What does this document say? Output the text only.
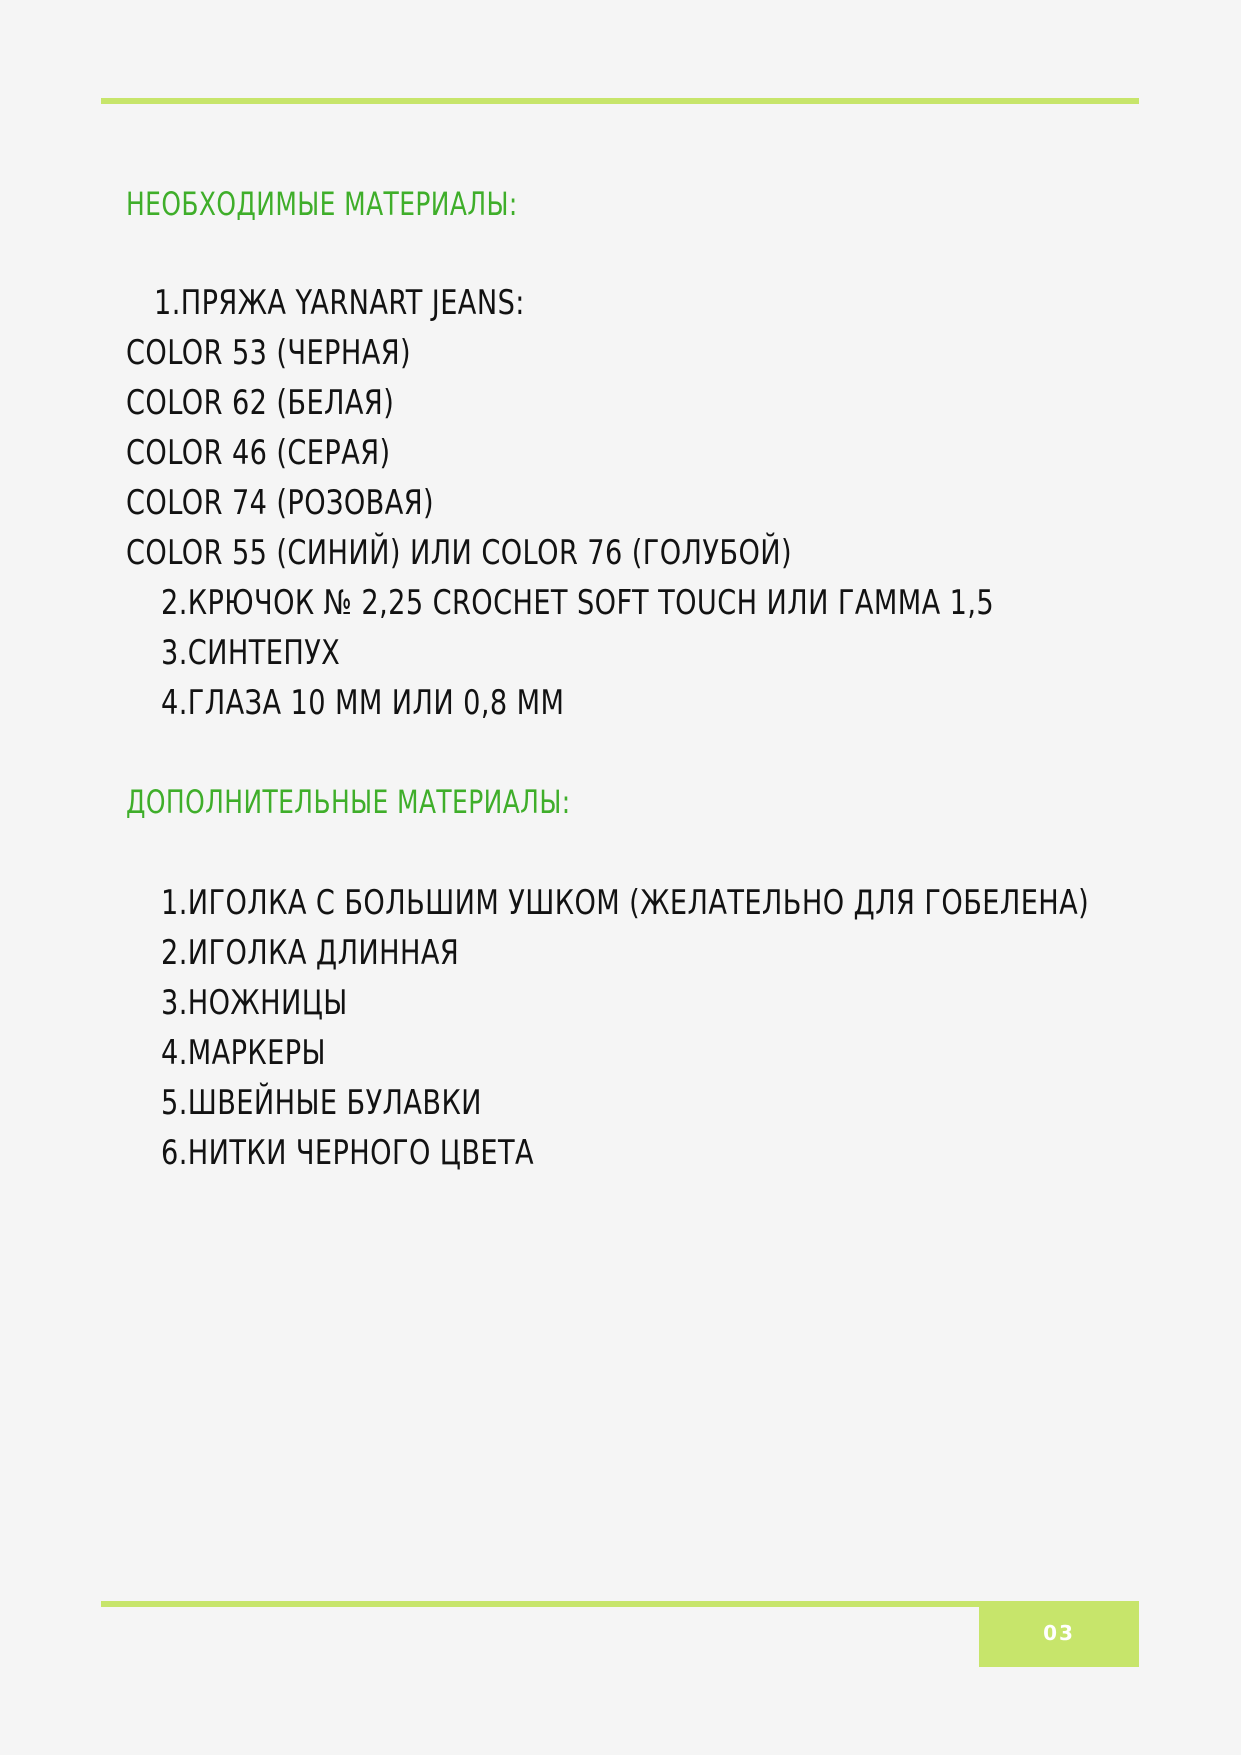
НЕОБХОДИМЫЕ МАТЕРИАЛЫ:
1.ПРЯЖА YARNART JEANS:
COLOR 53 (ЧЕРНАЯ)
COLOR 62 (БЕЛАЯ)
COLOR 46 (СЕРАЯ)
COLOR 74 (РОЗОВАЯ)
COLOR 55 (СИНИЙ) ИЛИ COLOR 76 (ГОЛУБОЙ)
2.КРЮЧОК № 2,25 CROCHET SOFT TOUCH ИЛИ ГАММА 1,5
3.СИНТЕПУХ
4.ГЛАЗА 10 ММ ИЛИ 0,8 ММ
ДОПОЛНИТЕЛЬНЫЕ МАТЕРИАЛЫ:
1.ИГОЛКА С БОЛЬШИМ УШКОМ (ЖЕЛАТЕЛЬНО ДЛЯ ГОБЕЛЕНА)
2.ИГОЛКА ДЛИННАЯ
3.НОЖНИЦЫ
4.МАРКЕРЫ
5.ШВЕЙНЫЕ БУЛАВКИ
6.НИТКИ ЧЕРНОГО ЦВЕТА
03
